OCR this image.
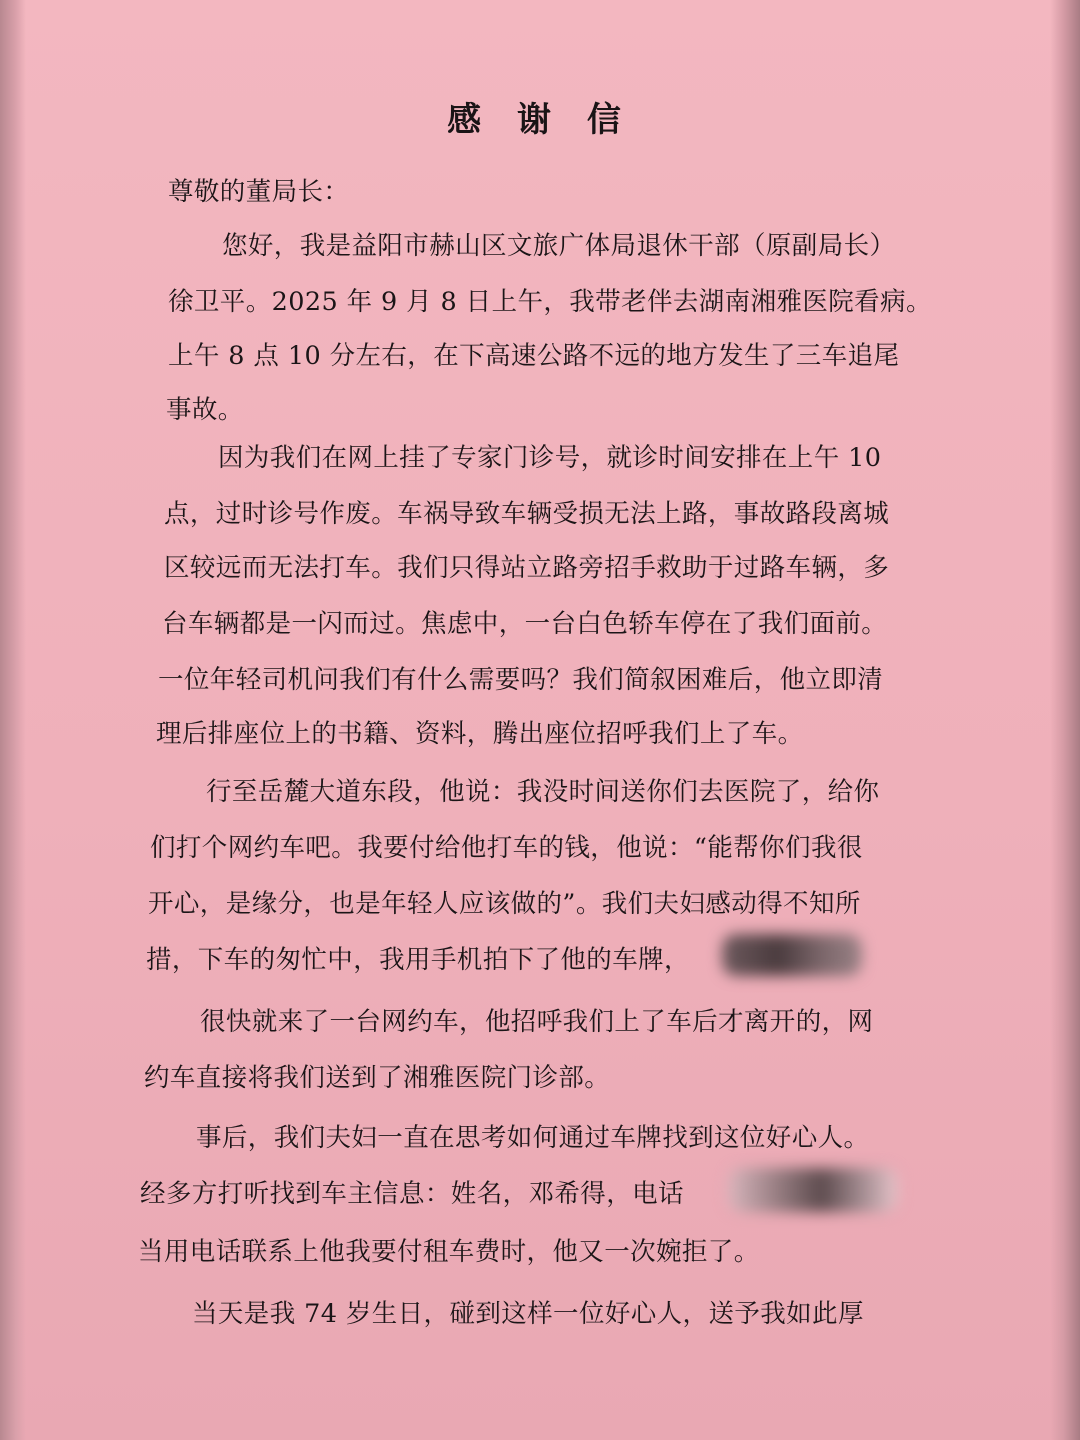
感 谢 信
尊敬的董局长：
您好，我是益阳市赫山区文旅广体局退休干部（原副局长）
徐卫平。2025 年 9 月 8 日上午，我带老伴去湖南湘雅医院看病。
上午 8 点 10 分左右，在下高速公路不远的地方发生了三车追尾
事故。
因为我们在网上挂了专家门诊号，就诊时间安排在上午 10
点，过时诊号作废。车祸导致车辆受损无法上路，事故路段离城
区较远而无法打车。我们只得站立路旁招手救助于过路车辆，多
台车辆都是一闪而过。焦虑中，一台白色轿车停在了我们面前。
一位年轻司机问我们有什么需要吗？我们简叙困难后，他立即清
理后排座位上的书籍、资料，腾出座位招呼我们上了车。
行至岳麓大道东段，他说：我没时间送你们去医院了，给你
们打个网约车吧。我要付给他打车的钱，他说：“能帮你们我很
开心，是缘分，也是年轻人应该做的”。我们夫妇感动得不知所
措，下车的匆忙中，我用手机拍下了他的车牌，
很快就来了一台网约车，他招呼我们上了车后才离开的，网
约车直接将我们送到了湘雅医院门诊部。
事后，我们夫妇一直在思考如何通过车牌找到这位好心人。
经多方打听找到车主信息：姓名，邓希得，电话
当用电话联系上他我要付租车费时，他又一次婉拒了。
当天是我 74 岁生日，碰到这样一位好心人，送予我如此厚
